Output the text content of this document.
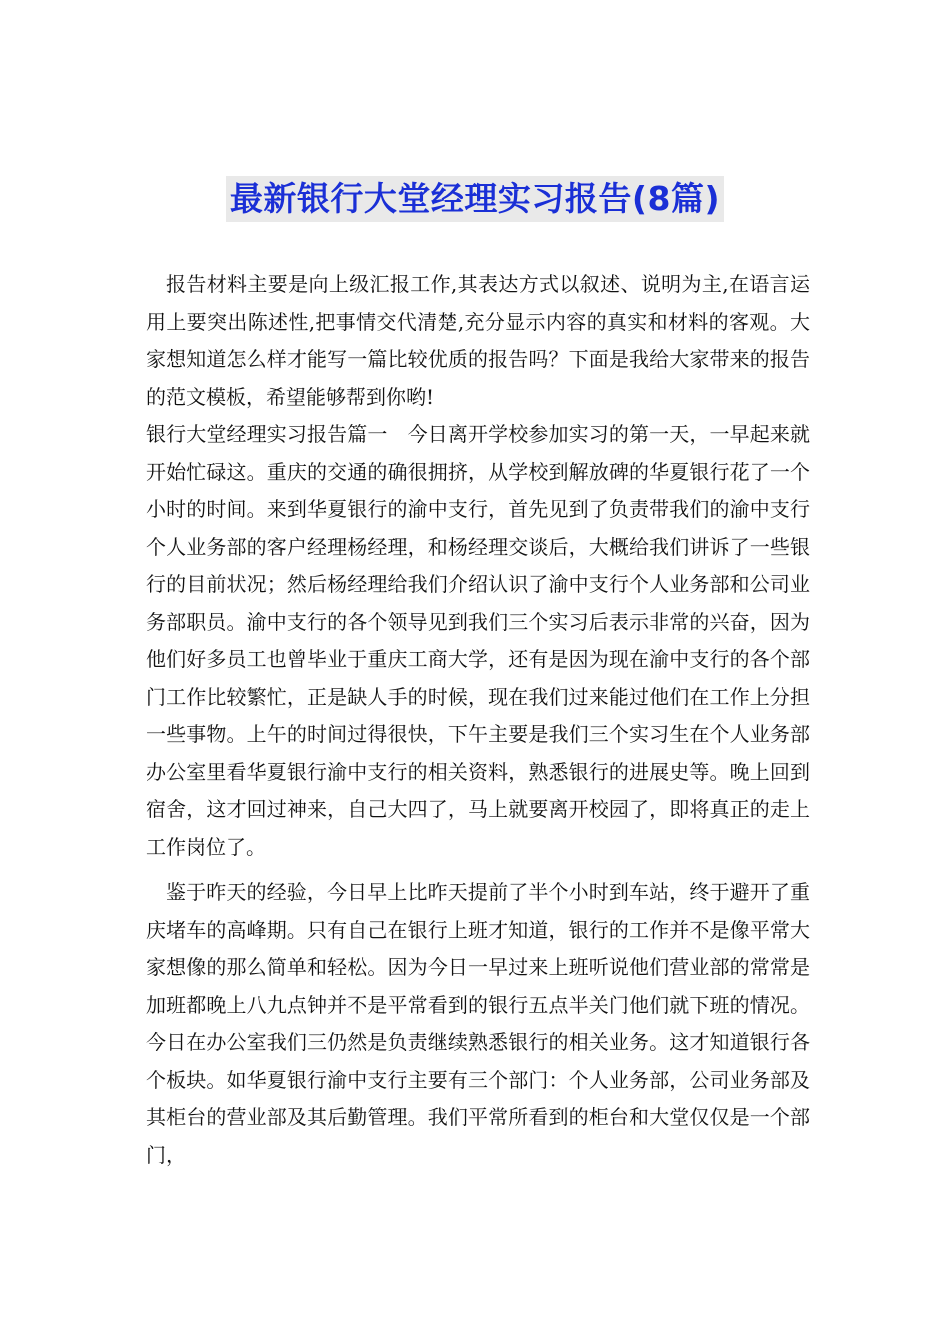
最新银行大堂经理实习报告(8篇)

报告材料主要是向上级汇报工作,其表达方式以叙述、说明为主,在语言运用上要突出陈述性,把事情交代清楚,充分显示内容的真实和材料的客观。大家想知道怎么样才能写一篇比较优质的报告吗？下面是我给大家带来的报告的范文模板，希望能够帮到你哟!

银行大堂经理实习报告篇一　今日离开学校参加实习的第一天，一早起来就开始忙碌这。重庆的交通的确很拥挤，从学校到解放碑的华夏银行花了一个小时的时间。来到华夏银行的渝中支行，首先见到了负责带我们的渝中支行个人业务部的客户经理杨经理，和杨经理交谈后，大概给我们讲诉了一些银行的目前状况；然后杨经理给我们介绍认识了渝中支行个人业务部和公司业务部职员。渝中支行的各个领导见到我们三个实习后表示非常的兴奋，因为他们好多员工也曾毕业于重庆工商大学，还有是因为现在渝中支行的各个部门工作比较繁忙，正是缺人手的时候，现在我们过来能过他们在工作上分担一些事物。上午的时间过得很快，下午主要是我们三个实习生在个人业务部办公室里看华夏银行渝中支行的相关资料，熟悉银行的进展史等。晚上回到宿舍，这才回过神来，自己大四了，马上就要离开校园了，即将真正的走上工作岗位了。

鉴于昨天的经验，今日早上比昨天提前了半个小时到车站，终于避开了重庆堵车的高峰期。只有自己在银行上班才知道，银行的工作并不是像平常大家想像的那么简单和轻松。因为今日一早过来上班听说他们营业部的常常是加班都晚上八九点钟并不是平常看到的银行五点半关门他们就下班的情况。今日在办公室我们三仍然是负责继续熟悉银行的相关业务。这才知道银行各个板块。如华夏银行渝中支行主要有三个部门：个人业务部，公司业务部及其柜台的营业部及其后勤管理。我们平常所看到的柜台和大堂仅仅是一个部门，
